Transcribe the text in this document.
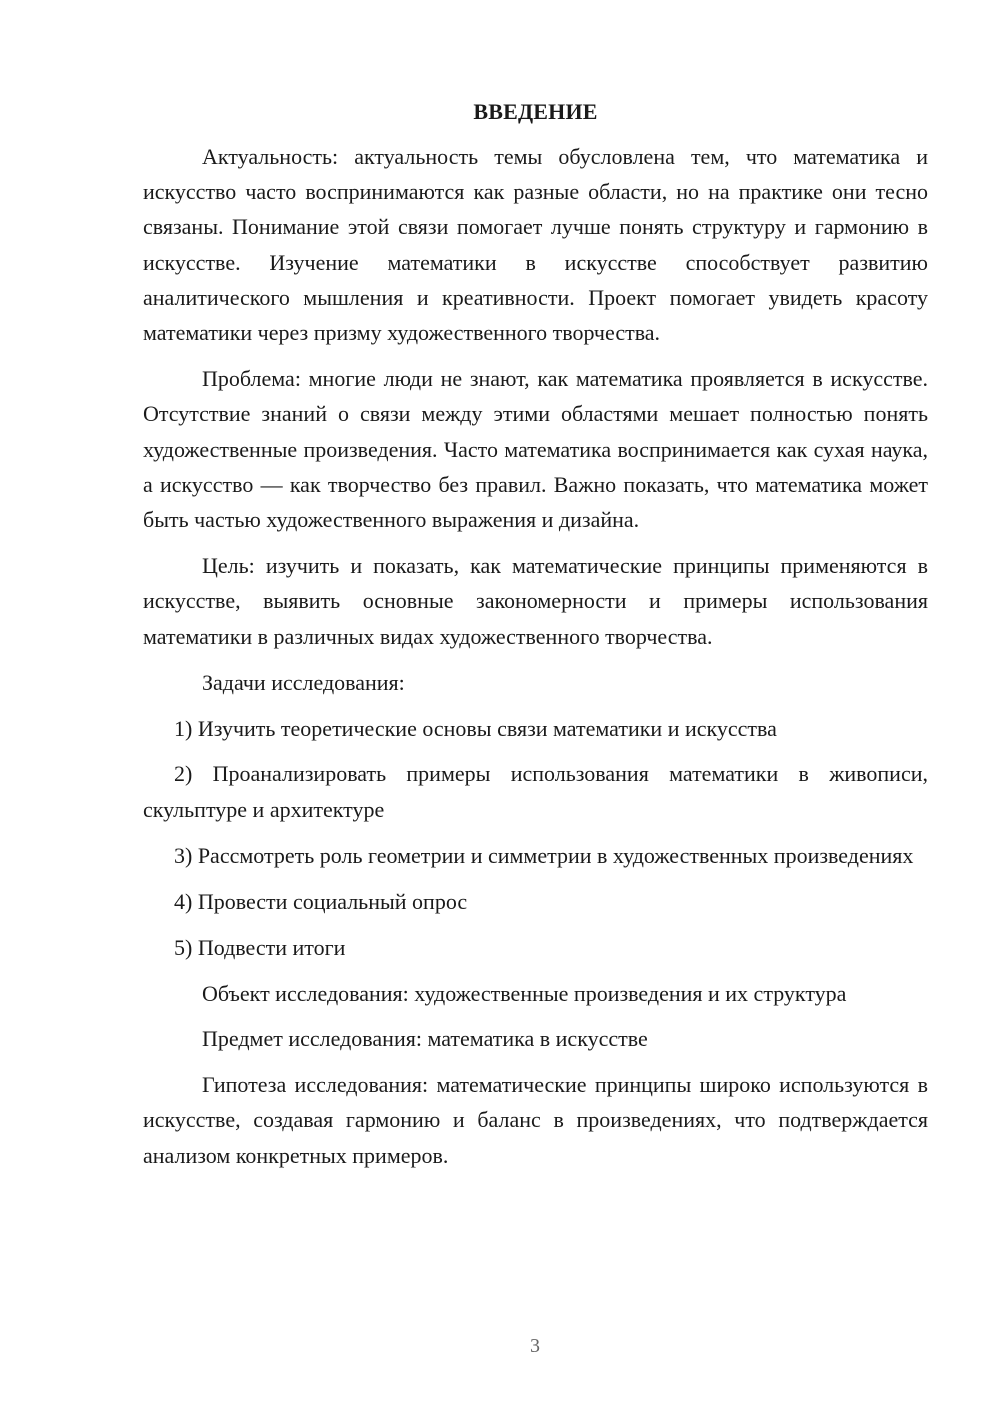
ВВЕДЕНИЕ

Актуальность: актуальность темы обусловлена тем, что математика и искусство часто воспринимаются как разные области, но на практике они тесно связаны. Понимание этой связи помогает лучше понять структуру и гармонию в искусстве. Изучение математики в искусстве способствует развитию аналитического мышления и креативности. Проект помогает увидеть красоту математики через призму художественного творчества.

Проблема: многие люди не знают, как математика проявляется в искусстве. Отсутствие знаний о связи между этими областями мешает полностью понять художественные произведения. Часто математика воспринимается как сухая наука, а искусство — как творчество без правил. Важно показать, что математика может быть частью художественного выражения и дизайна.

Цель: изучить и показать, как математические принципы применяются в искусстве, выявить основные закономерности и примеры использования математики в различных видах художественного творчества.

Задачи исследования:

1) Изучить теоретические основы связи математики и искусства

2) Проанализировать примеры использования математики в живописи, скульптуре и архитектуре

3) Рассмотреть роль геометрии и симметрии в художественных произведениях

4) Провести социальный опрос

5) Подвести итоги

Объект исследования: художественные произведения и их структура

Предмет исследования: математика в искусстве

Гипотеза исследования: математические принципы широко используются в искусстве, создавая гармонию и баланс в произведениях, что подтверждается анализом конкретных примеров.

3
